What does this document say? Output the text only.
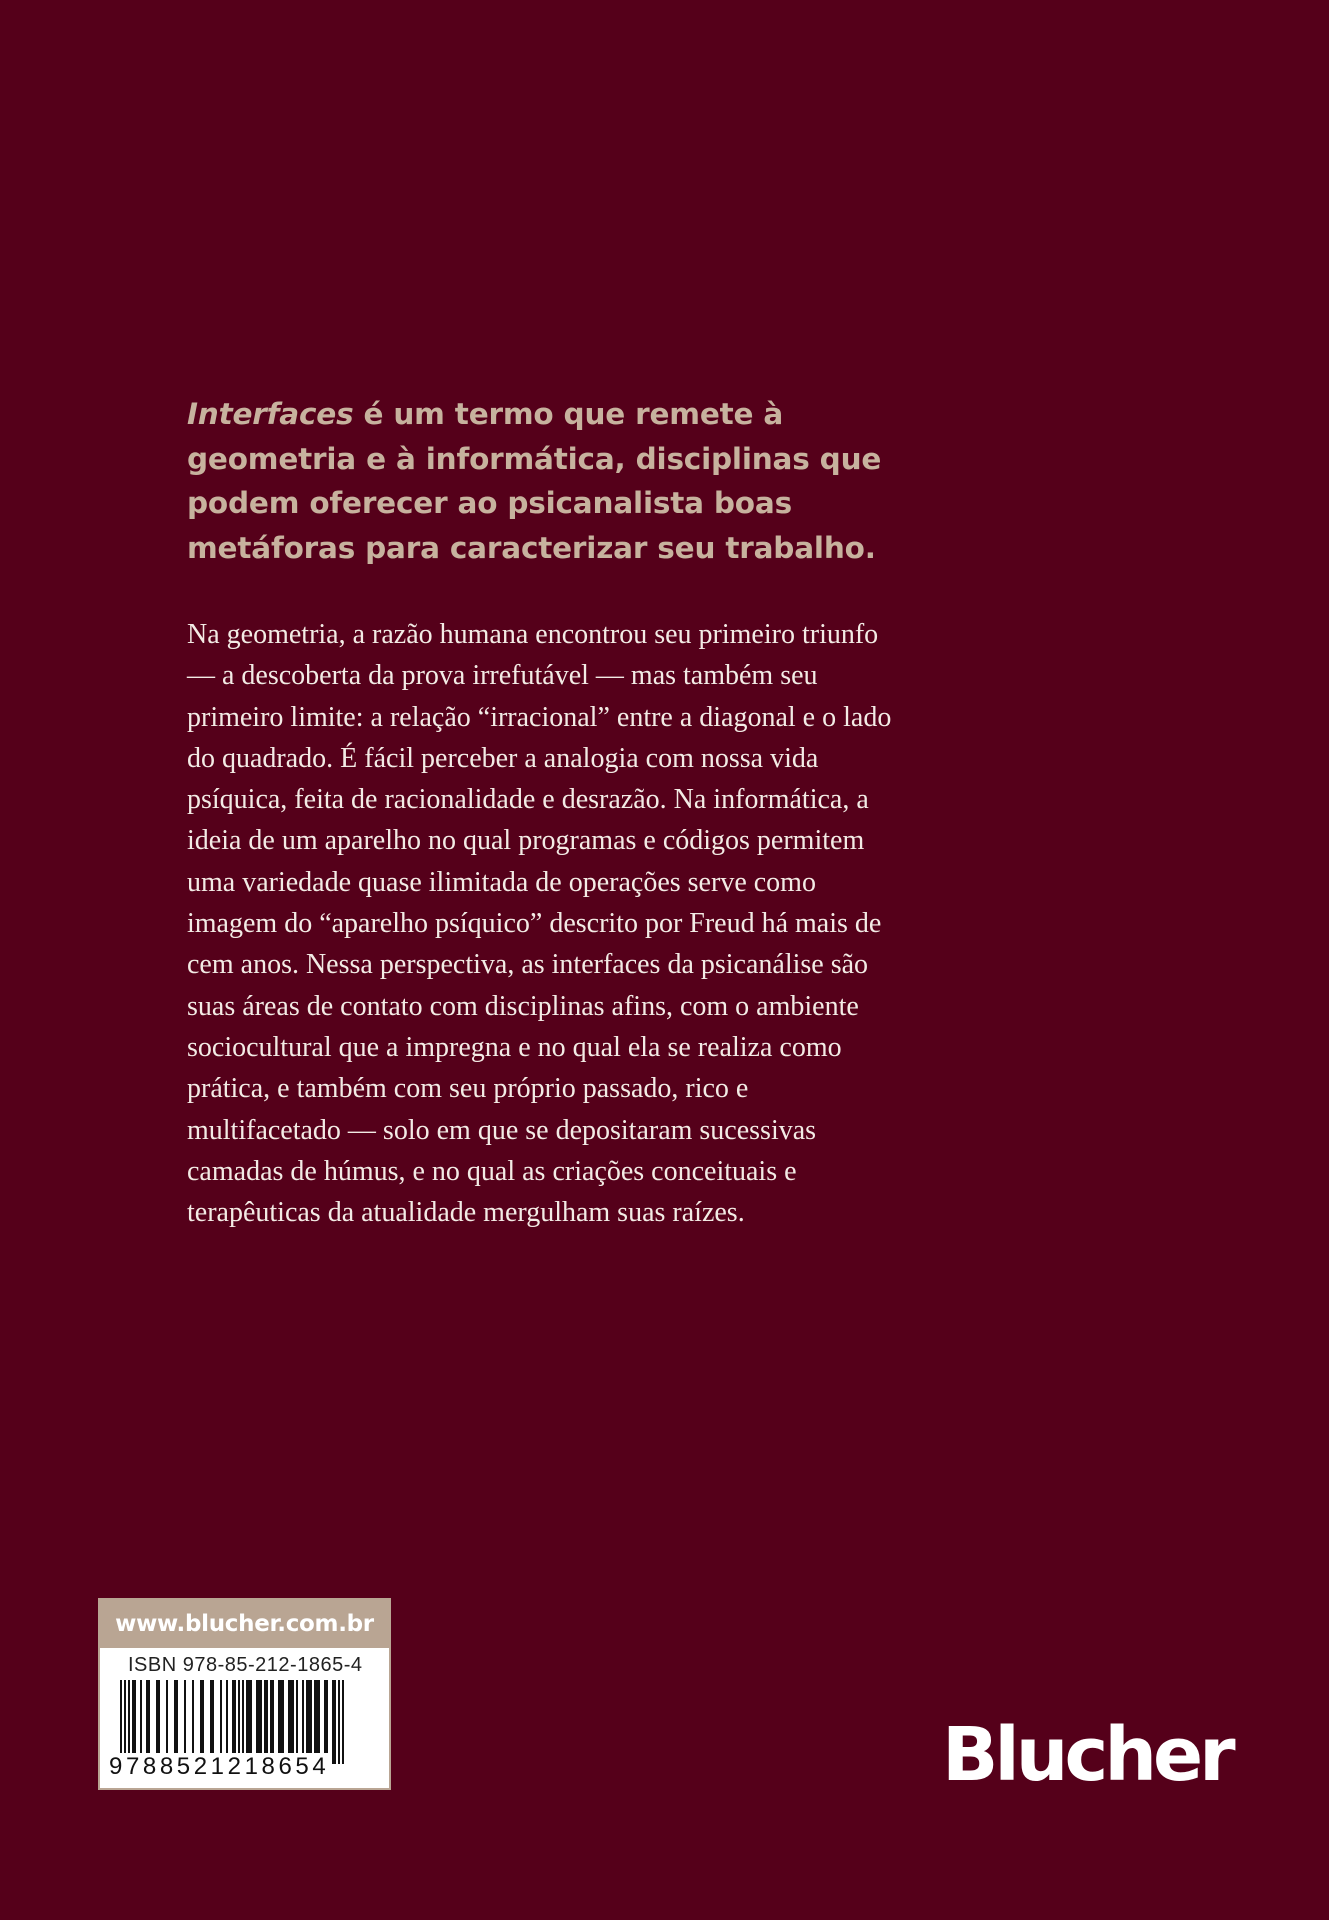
Interfaces é um termo que remete à geometria e à informática, disciplinas que podem oferecer ao psicanalista boas metáforas para caracterizar seu trabalho.

Na geometria, a razão humana encontrou seu primeiro triunfo — a descoberta da prova irrefutável — mas também seu primeiro limite: a relação “irracional” entre a diagonal e o lado do quadrado. É fácil perceber a analogia com nossa vida psíquica, feita de racionalidade e desrazão. Na informática, a ideia de um aparelho no qual programas e códigos permitem uma variedade quase ilimitada de operações serve como imagem do “aparelho psíquico” descrito por Freud há mais de cem anos. Nessa perspectiva, as interfaces da psicanálise são suas áreas de contato com disciplinas afins, com o ambiente sociocultural que a impregna e no qual ela se realiza como prática, e também com seu próprio passado, rico e multifacetado — solo em que se depositaram sucessivas camadas de húmus, e no qual as criações conceituais e terapêuticas da atualidade mergulham suas raízes.

www.blucher.com.br
ISBN 978-85-212-1865-4
9788521218654	Blucher
